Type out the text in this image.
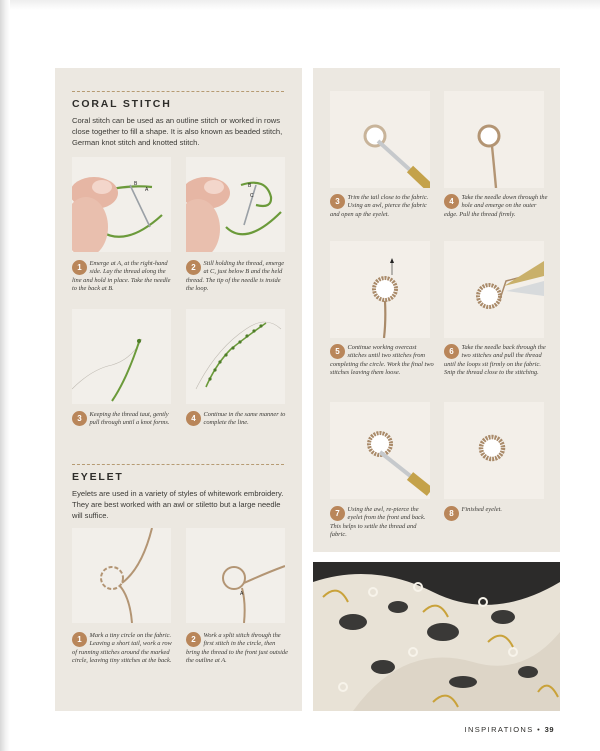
CORAL STITCH
Coral stitch can be used as an outline stitch or worked in rows close together to fill a shape. It is also known as beaded stitch, German knot stitch and knotted stitch.
B
A
B
C
1	Emerge at A, at the right-hand side. Lay the thread along the line and hold in place. Take the needle to the back at B.
2	Still holding the thread, emerge at C, just below B and the held thread. The tip of the needle is inside the loop.
3	Keeping the thread taut, gently pull through until a knot forms.	4	Continue in the same manner to complete the line.
EYELET
Eyelets are used in a variety of styles of whitework embroidery. They are best worked with an awl or stiletto but a large needle will suffice.
A
1	Mark a tiny circle on the fabric. Leaving a short tail, work a row of running stitches around the marked circle, leaving tiny stitches at the back.
2	Work a split stitch through the first stitch in the circle, then bring the thread to the front just outside the outline at A.
3	Trim the tail close to the fabric. Using an awl, pierce the fabric and open up the eyelet.
4	Take the needle down through the hole and emerge on the outer edge. Pull the thread firmly.
5	Continue working overcast stitches until two stitches from completing the circle. Work the final two stitches leaving them loose.
6	Take the needle back through the two stitches and pull the thread until the loops sit firmly on the fabric. Snip the thread close to the stitching.
7	Using the awl, re-pierce the eyelet from the front and back. This helps to settle the thread and fabric.
8	Finished eyelet.
INSPIRATIONS • 39
